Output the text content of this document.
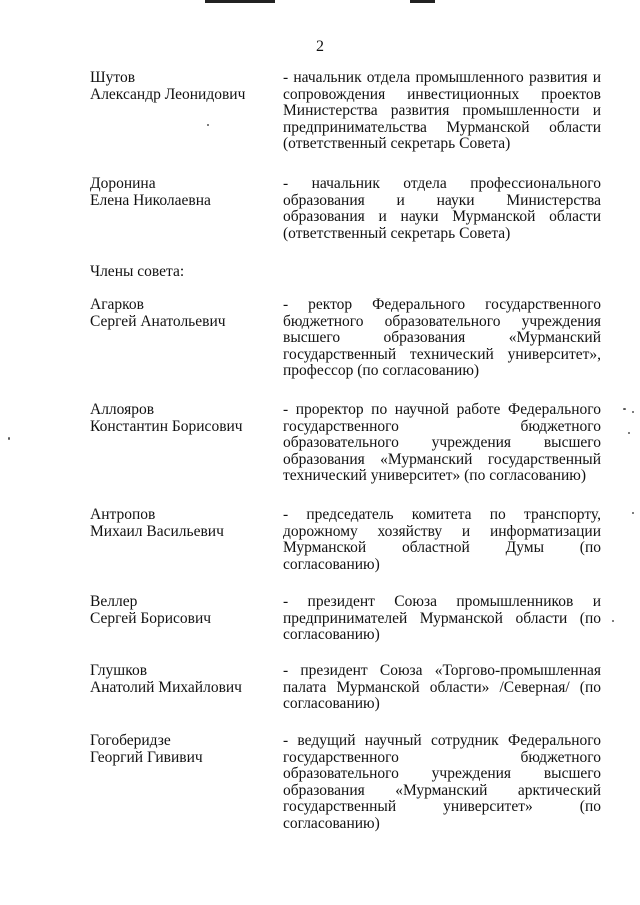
2
Шутов
Александр Леонидович
- начальник отдела промышленного развития и сопровождения инвестиционных проектов Министерства развития промышленности и предпринимательства Мурманской области (ответственный секретарь Совета)
Доронина
Елена Николаевна
- начальник отдела профессионального образования и науки Министерства образования и науки Мурманской области (ответственный секретарь Совета)
Члены совета:
Агарков
Сергей Анатольевич
- ректор Федерального государственного бюджетного образовательного учреждения высшего образования «Мурманский государственный технический университет», профессор (по согласованию)
Аллояров
Константин Борисович
- проректор по научной работе Федерального государственного бюджетного образовательного учреждения высшего образования «Мурманский государственный технический университет» (по согласованию)
Антропов
Михаил Васильевич
- председатель комитета по транспорту, дорожному хозяйству и информатизации Мурманской областной Думы (по согласованию)
Веллер
Сергей Борисович
- президент Союза промышленников и предпринимателей Мурманской области (по согласованию)
Глушков
Анатолий Михайлович
- президент Союза «Торгово-промышленная палата Мурманской области» /Северная/ (по согласованию)
Гогоберидзе
Георгий Гививич
- ведущий научный сотрудник Федерального государственного бюджетного образовательного учреждения высшего образования «Мурманский арктический государственный университет» (по согласованию)
